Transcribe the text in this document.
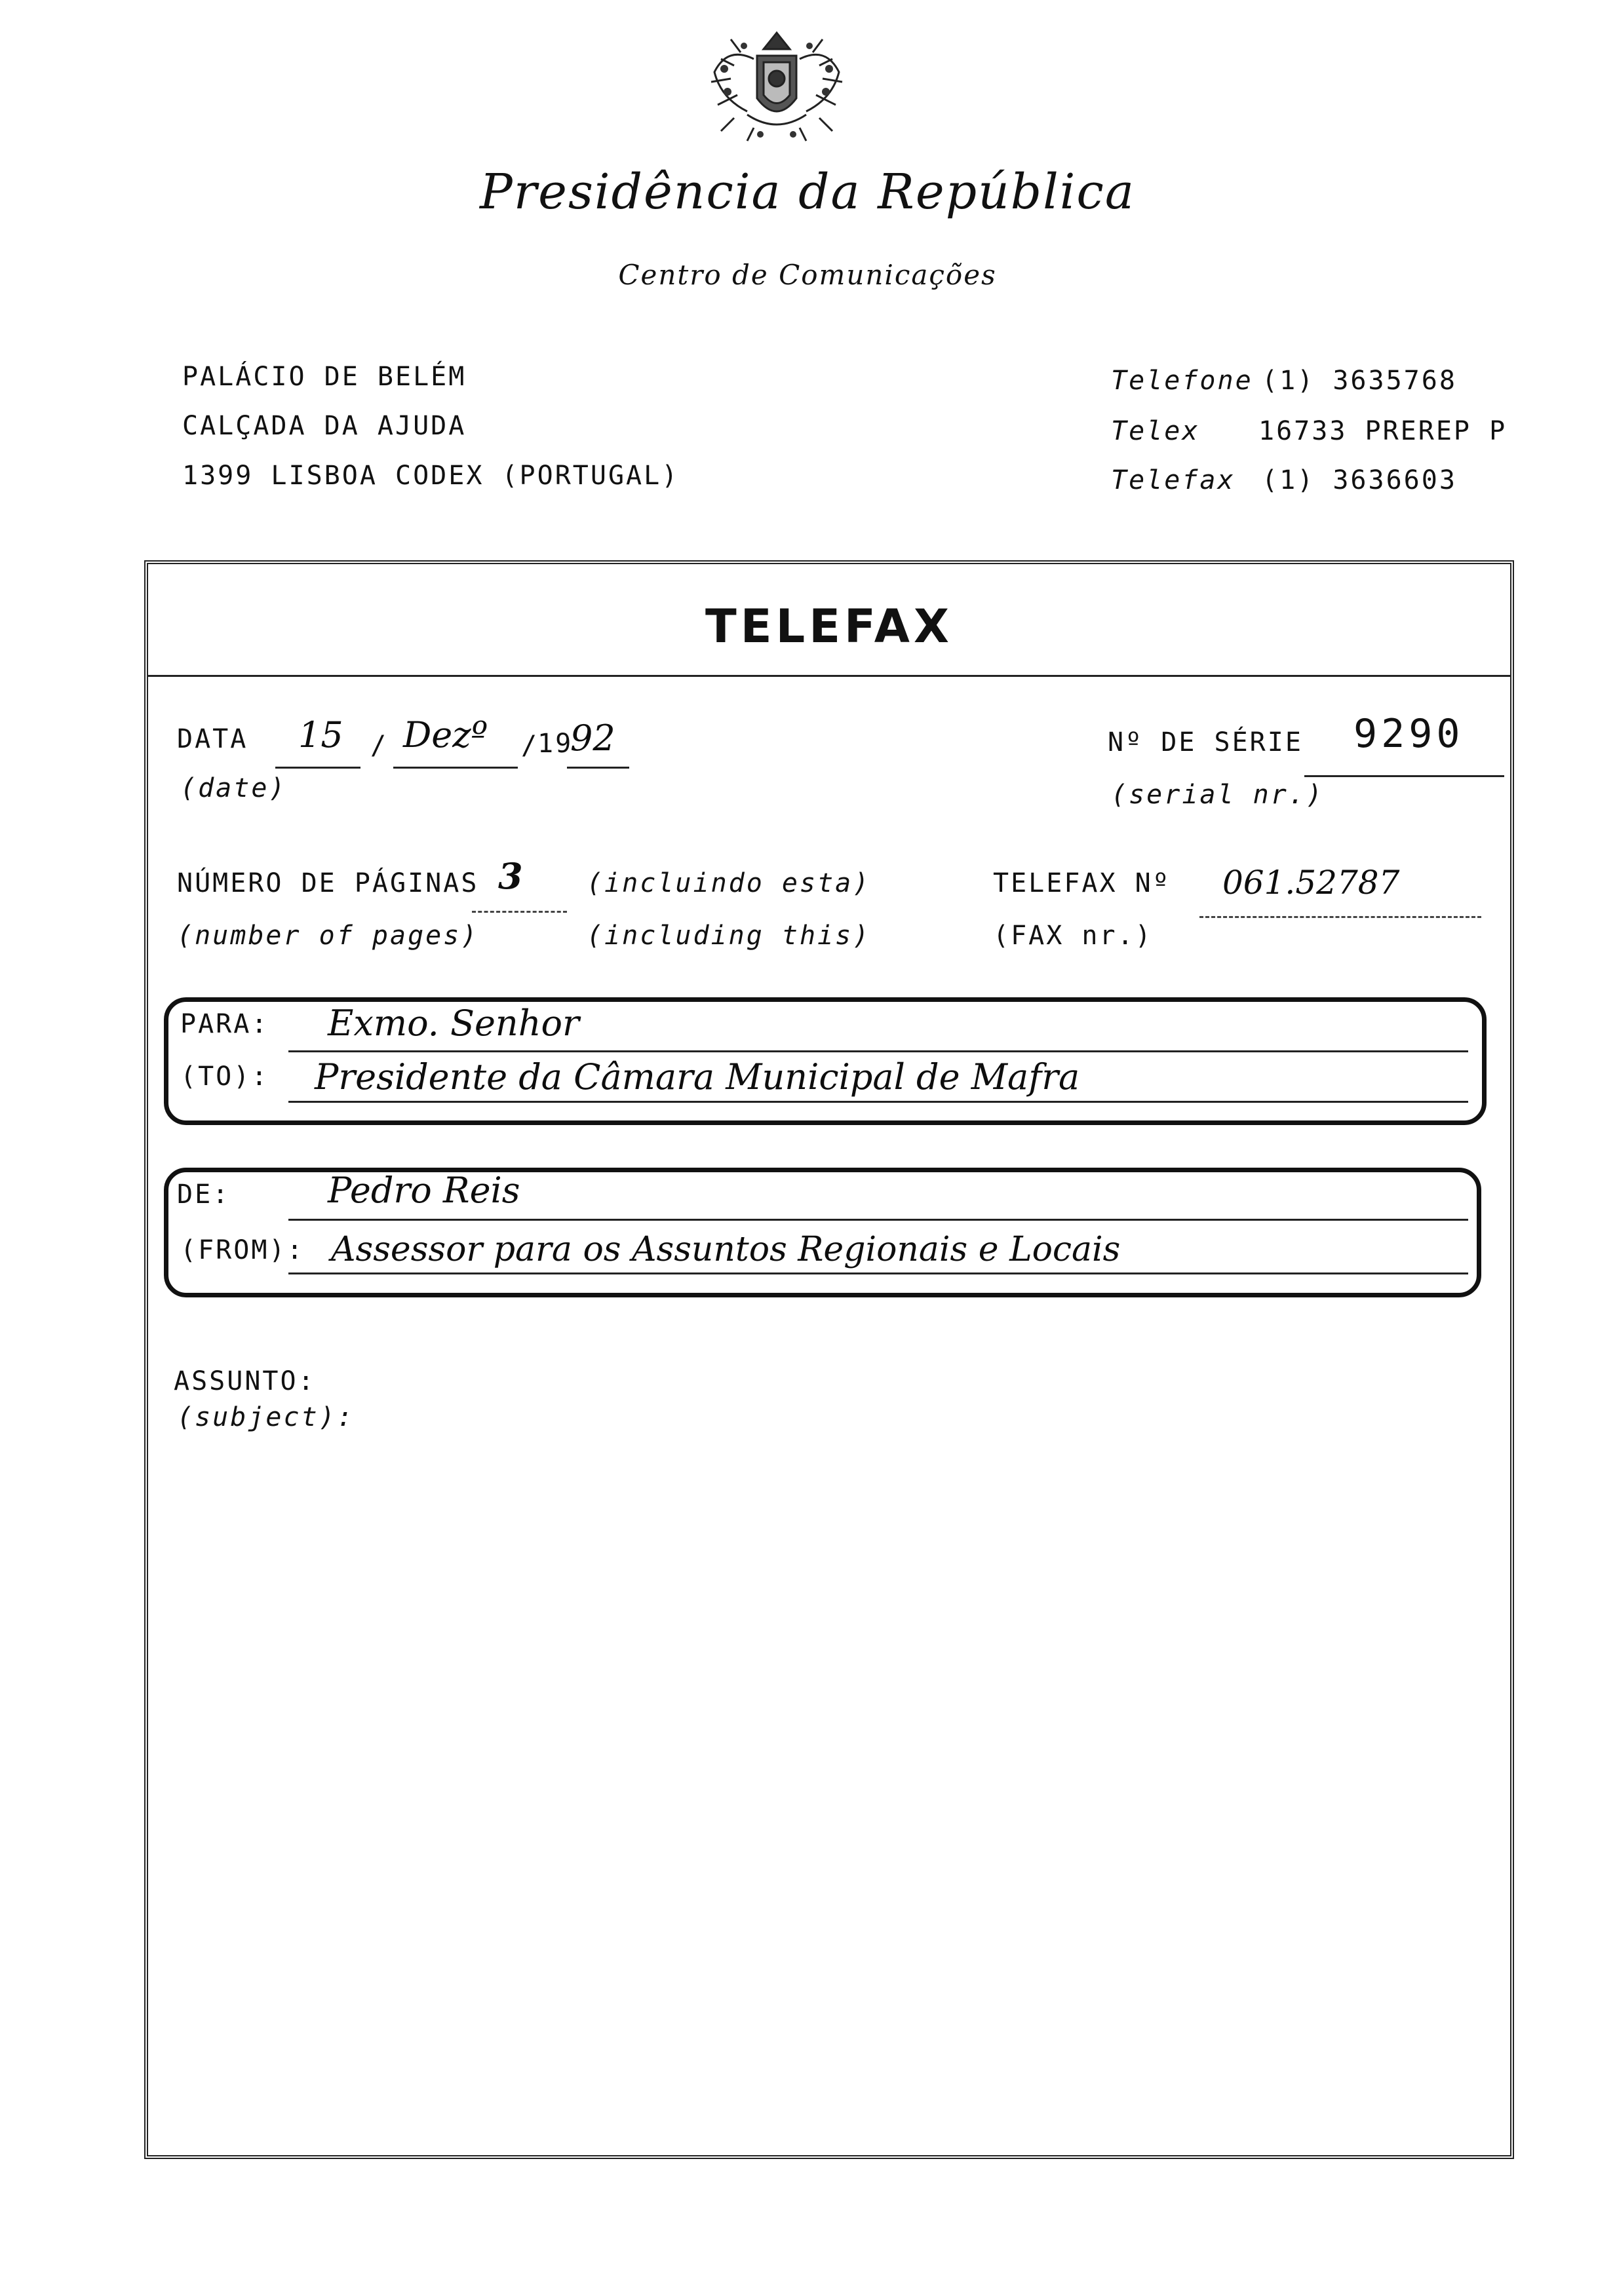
Presidência da República
Centro de Comunicações
PALÁCIO DE BELÉM
CALÇADA DA AJUDA
1399 LISBOA CODEX (PORTUGAL)
Telefone (1) 3635768
Telex 16733 PREREP P
Telefax (1) 3636603
TELEFAX
DATA
(date)
15 / Dezº /
19
92	Nº DE SÉRIE
(serial nr.)
9290
NÚMERO DE PÁGINAS
(number of pages)
3 (incluindo esta)
(including this)
TELEFAX Nº
(FAX nr.)
061.52787
PARA:
(TO):
Exmo. Senhor
Presidente da Câmara Municipal de Mafra
DE:
(FROM):
Pedro Reis
Assessor para os Assuntos Regionais e Locais
ASSUNTO:
(subject):
